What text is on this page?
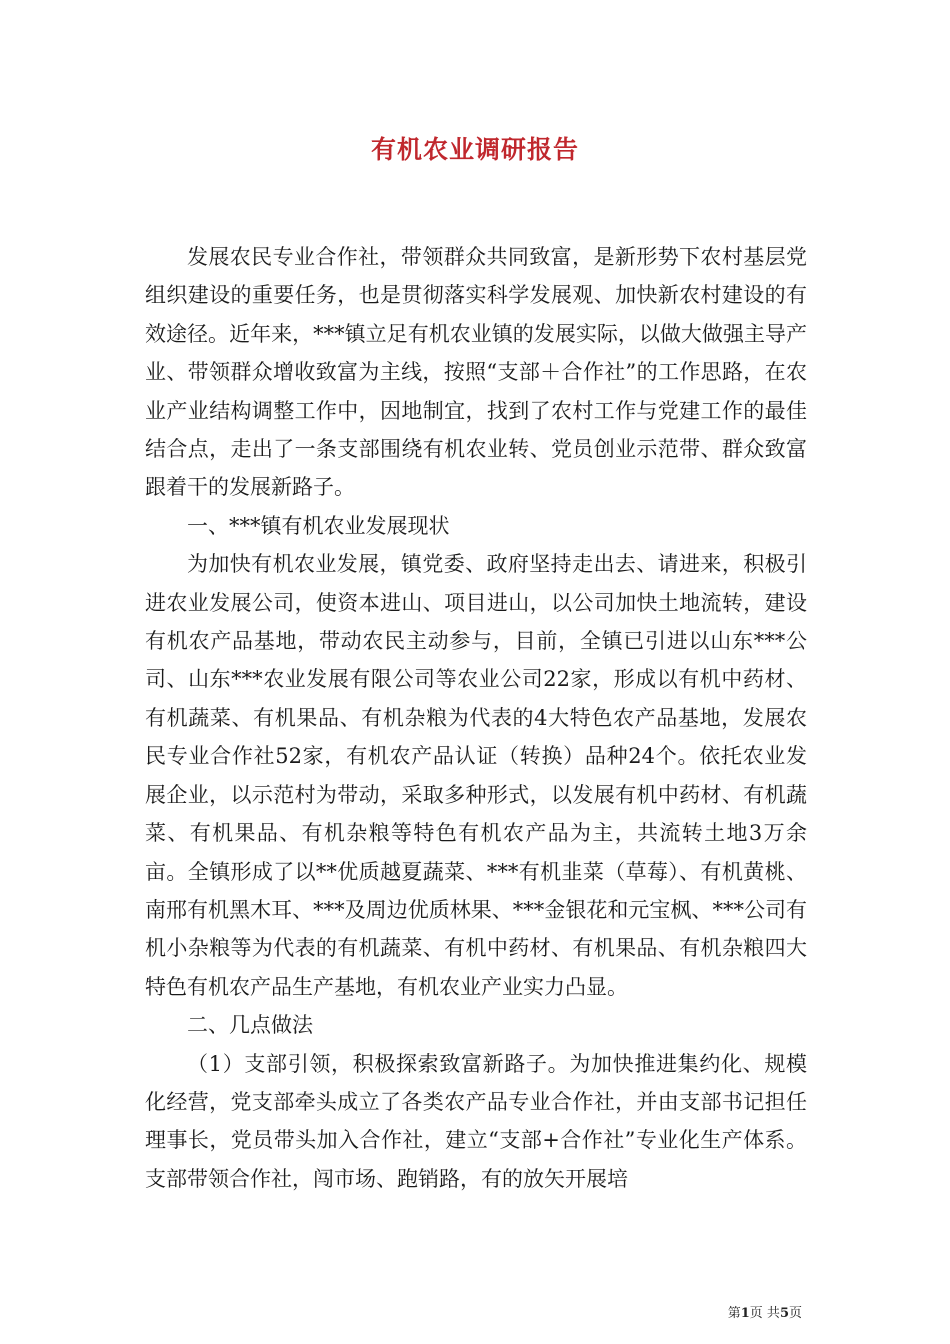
有机农业调研报告

发展农民专业合作社，带领群众共同致富，是新形势下农村基层党组织建设的重要任务，也是贯彻落实科学发展观、加快新农村建设的有效途径。近年来，***镇立足有机农业镇的发展实际，以做大做强主导产业、带领群众增收致富为主线，按照“支部＋合作社”的工作思路，在农业产业结构调整工作中，因地制宜，找到了农村工作与党建工作的最佳结合点，走出了一条支部围绕有机农业转、党员创业示范带、群众致富跟着干的发展新路子。

一、***镇有机农业发展现状

为加快有机农业发展，镇党委、政府坚持走出去、请进来，积极引进农业发展公司，使资本进山、项目进山，以公司加快土地流转，建设有机农产品基地，带动农民主动参与，目前，全镇已引进以山东***公司、山东***农业发展有限公司等农业公司22家，形成以有机中药材、有机蔬菜、有机果品、有机杂粮为代表的4大特色农产品基地，发展农民专业合作社52家，有机农产品认证（转换）品种24个。依托农业发展企业，以示范村为带动，采取多种形式，以发展有机中药材、有机蔬菜、有机果品、有机杂粮等特色有机农产品为主，共流转土地3万余亩。全镇形成了以**优质越夏蔬菜、***有机韭菜（草莓）、有机黄桃、南邢有机黑木耳、***及周边优质林果、***金银花和元宝枫、***公司有机小杂粮等为代表的有机蔬菜、有机中药材、有机果品、有机杂粮四大特色有机农产品生产基地，有机农业产业实力凸显。

二、几点做法

（1）支部引领，积极探索致富新路子。为加快推进集约化、规模化经营，党支部牵头成立了各类农产品专业合作社，并由支部书记担任理事长，党员带头加入合作社，建立“支部+合作社”专业化生产体系。支部带领合作社，闯市场、跑销路，有的放矢开展培

第1页 共5页
